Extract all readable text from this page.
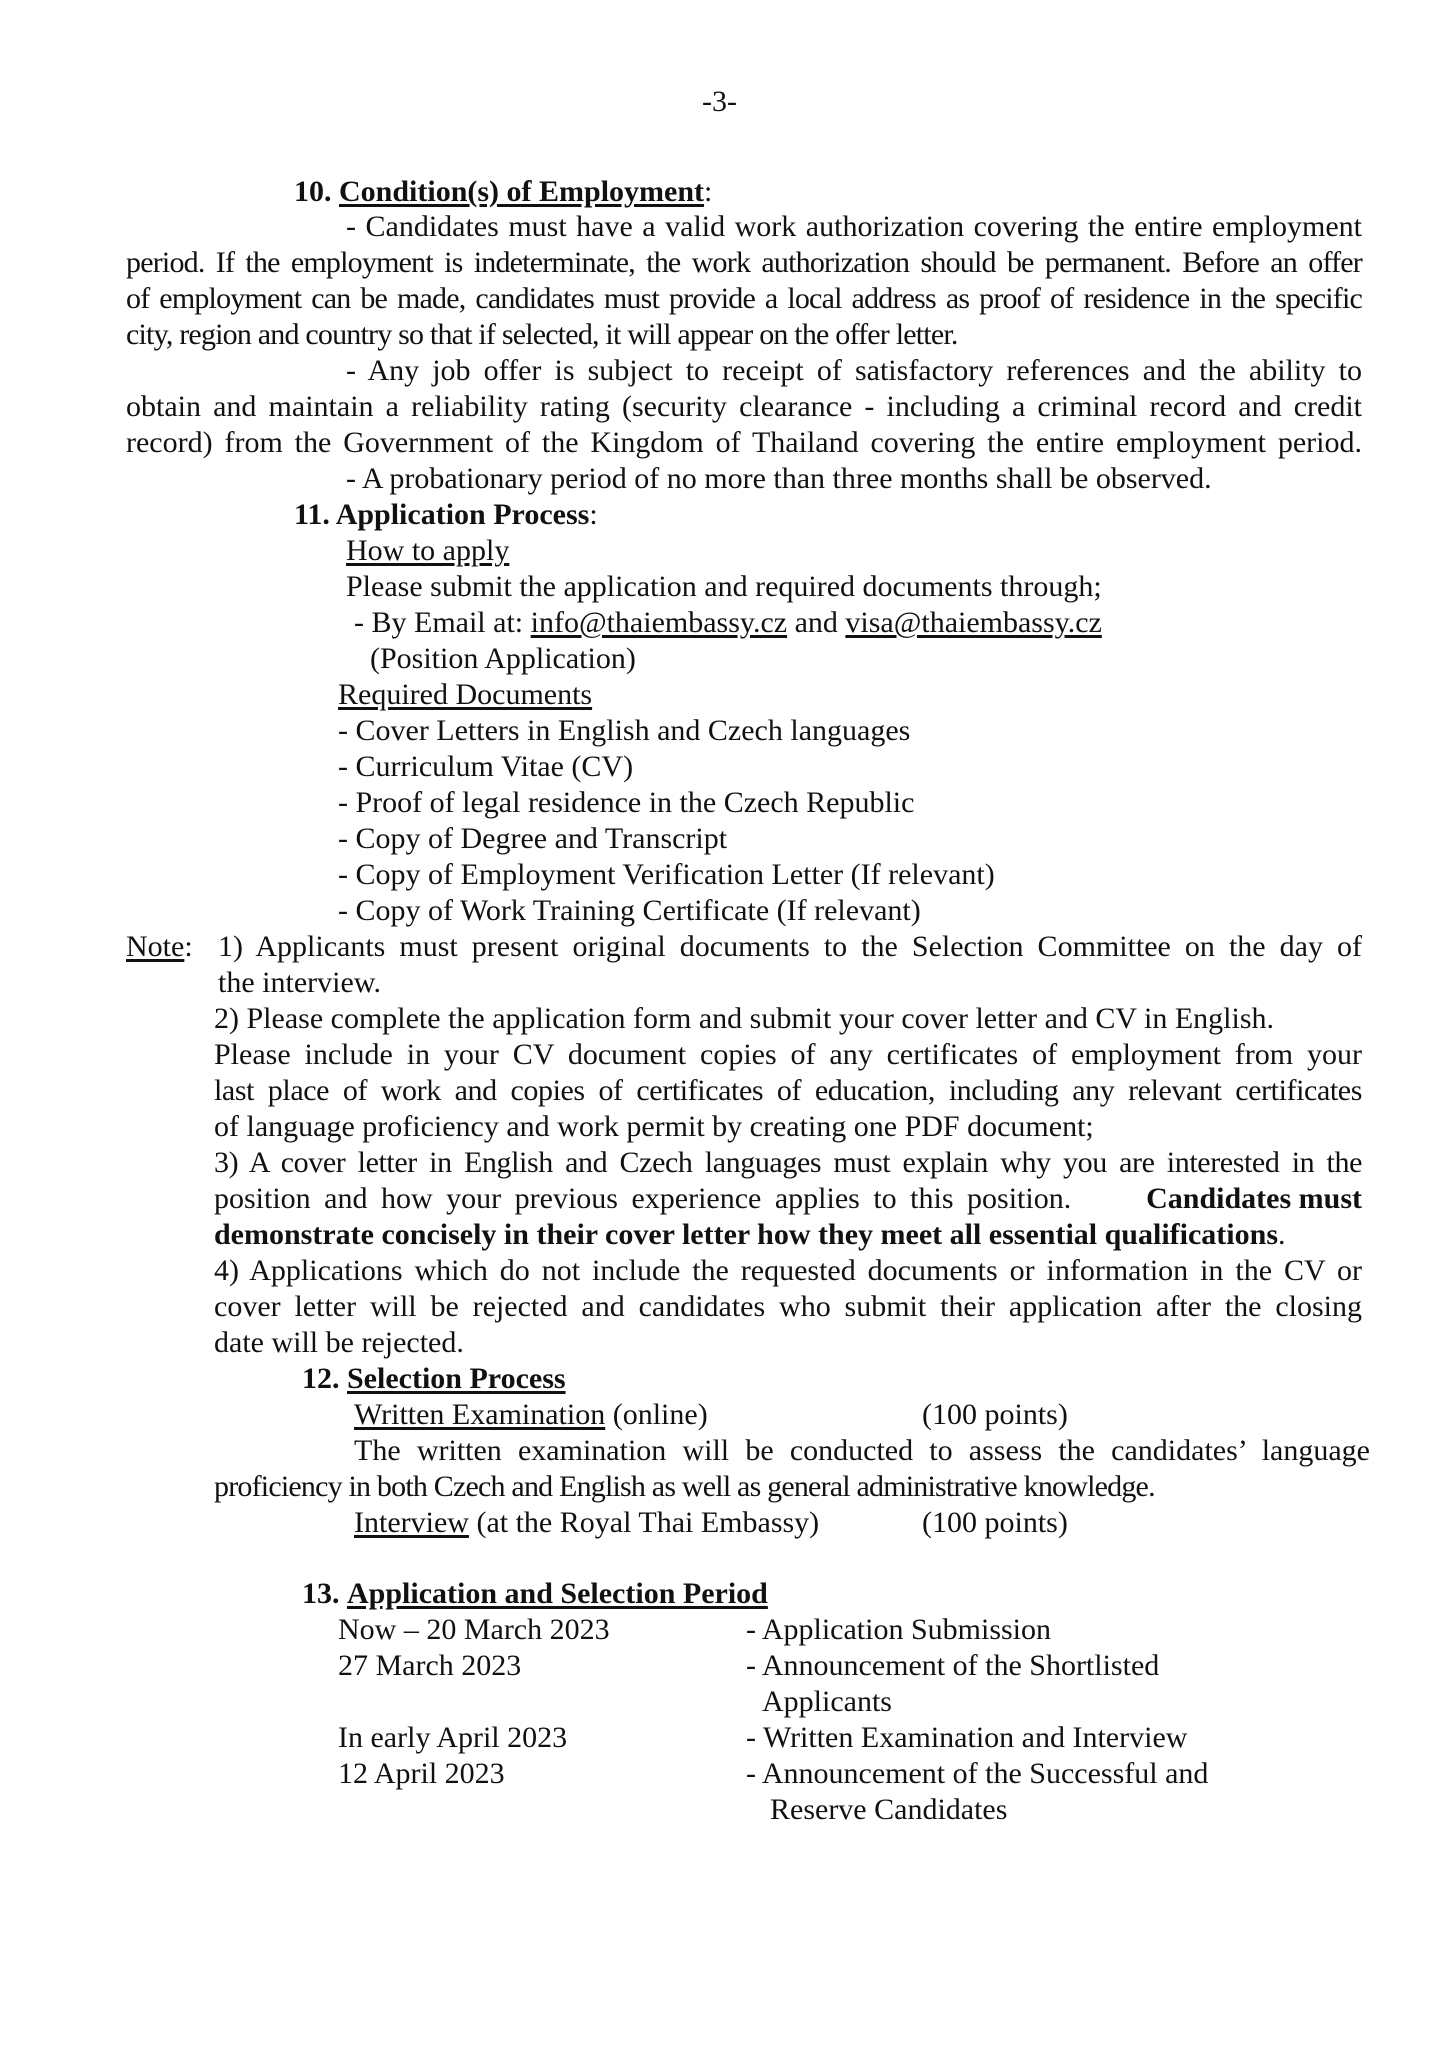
-3-
10. Condition(s) of Employment:
- Candidates must have a valid work authorization covering the entire employment
period. If the employment is indeterminate, the work authorization should be permanent. Before an offer
of employment can be made, candidates must provide a local address as proof of residence in the specific
city, region and country so that if selected, it will appear on the offer letter.
- Any job offer is subject to receipt of satisfactory references and the ability to
obtain and maintain a reliability rating (security clearance - including a criminal record and credit
record) from the Government of the Kingdom of Thailand covering the entire employment period.
- A probationary period of no more than three months shall be observed.
11. Application Process:
How to apply
Please submit the application and required documents through;
- By Email at: info@thaiembassy.cz and visa@thaiembassy.cz
(Position Application)
Required Documents
- Cover Letters in English and Czech languages
- Curriculum Vitae (CV)
- Proof of legal residence in the Czech Republic
- Copy of Degree and Transcript
- Copy of Employment Verification Letter (If relevant)
- Copy of Work Training Certificate (If relevant)
Note: 1) Applicants must present original documents to the Selection Committee on the day of
the interview.
2) Please complete the application form and submit your cover letter and CV in English.
Please include in your CV document copies of any certificates of employment from your
last place of work and copies of certificates of education, including any relevant certificates
of language proficiency and work permit by creating one PDF document;
3) A cover letter in English and Czech languages must explain why you are interested in the
position and how your previous experience applies to this position. Candidates must
demonstrate concisely in their cover letter how they meet all essential qualifications.
4) Applications which do not include the requested documents or information in the CV or
cover letter will be rejected and candidates who submit their application after the closing
date will be rejected.
12. Selection Process
Written Examination (online)	(100 points)
The written examination will be conducted to assess the candidates’ language
proficiency in both Czech and English as well as general administrative knowledge.
Interview (at the Royal Thai Embassy)	(100 points)
13. Application and Selection Period
Now – 20 March 2023	- Application Submission
27 March 2023	- Announcement of the Shortlisted
Applicants
In early April 2023	- Written Examination and Interview
12 April 2023	- Announcement of the Successful and
Reserve Candidates
